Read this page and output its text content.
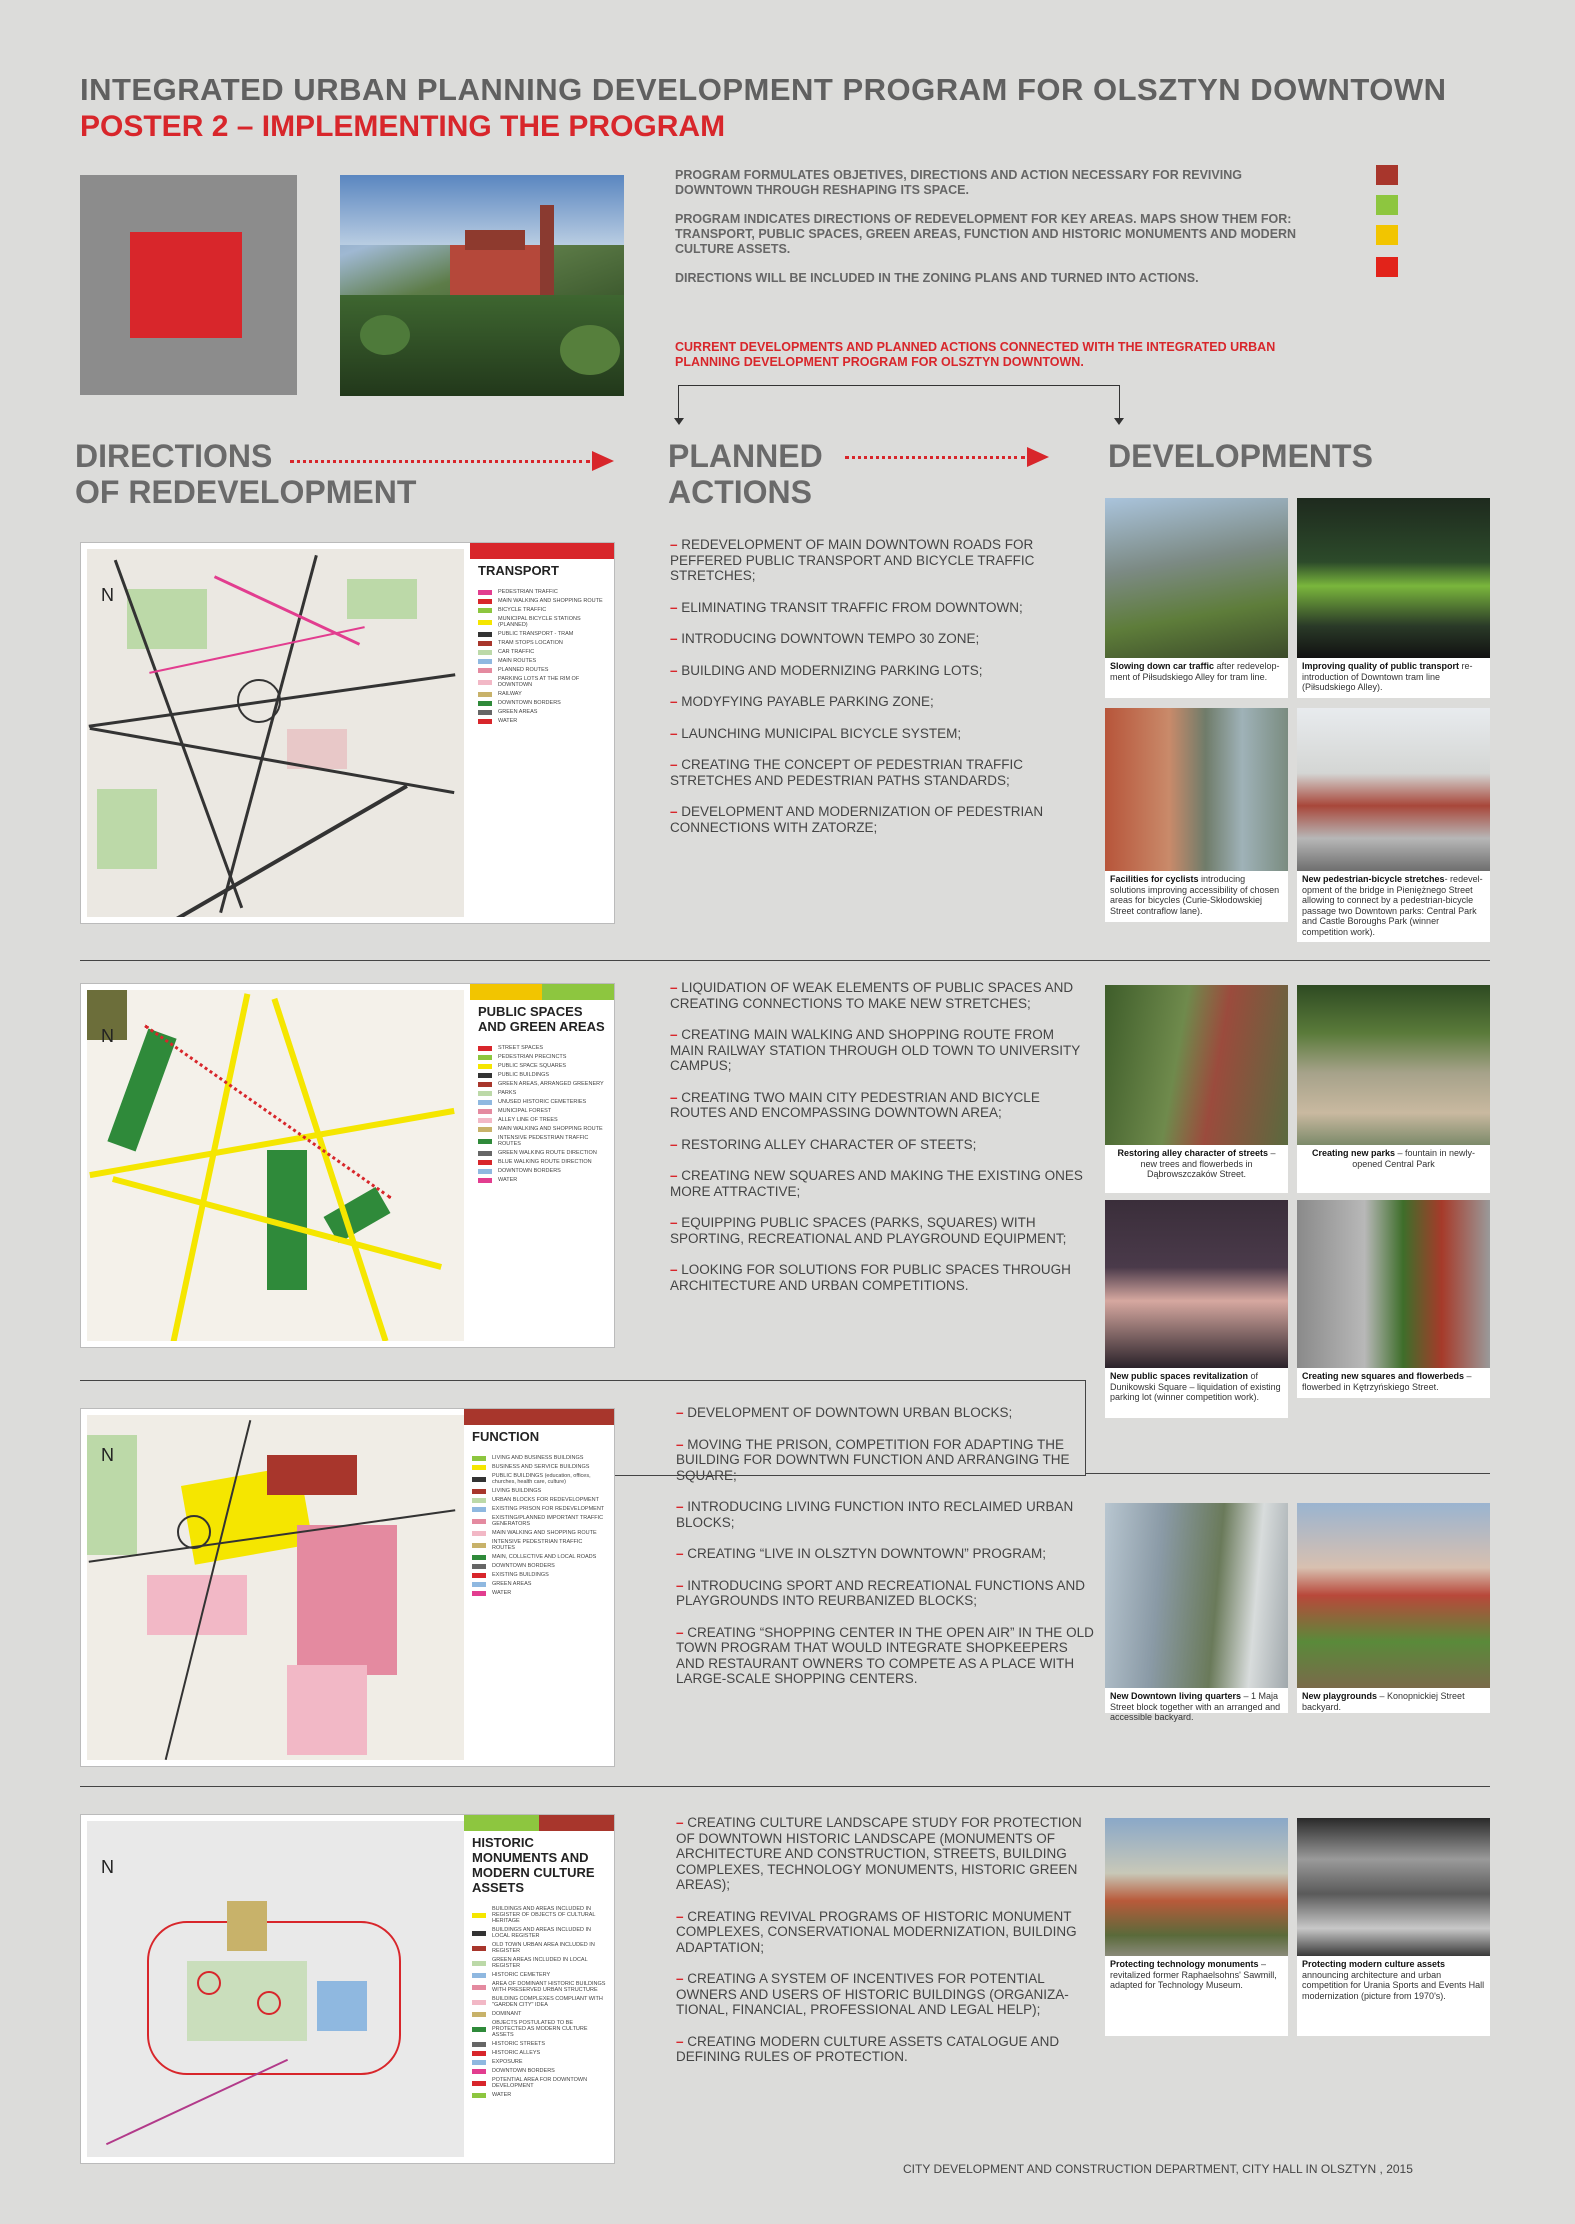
INTEGRATED URBAN PLANNING DEVELOPMENT PROGRAM FOR OLSZTYN DOWNTOWN
POSTER 2 – IMPLEMENTING THE PROGRAM

PROGRAM FORMULATES OBJETIVES, DIRECTIONS AND ACTION NECESSARY FOR REVIVING DOWNTOWN THROUGH RESHAPING ITS SPACE.

PROGRAM INDICATES DIRECTIONS OF REDEVELOPMENT FOR KEY AREAS. MAPS SHOW THEM FOR: TRANSPORT, PUBLIC SPACES, GREEN AREAS, FUNCTION AND HISTORIC MONUMENTS AND MODERN CULTURE ASSETS.

DIRECTIONS WILL BE INCLUDED IN THE ZONING PLANS AND TURNED INTO ACTIONS.

CURRENT DEVELOPMENTS AND PLANNED ACTIONS CONNECTED WITH THE INTEGRATED URBAN PLANNING DEVELOPMENT PROGRAM FOR OLSZTYN DOWNTOWN.
DIRECTIONS
OF REDEVELOPMENT
PLANNED
ACTIONS
DEVELOPMENTS
N
TRANSPORT
PEDESTRIAN TRAFFIC
MAIN WALKING AND SHOPPING ROUTE
BICYCLE TRAFFIC
MUNICIPAL BICYCLE STATIONS (PLANNED)
PUBLIC TRANSPORT - TRAM
TRAM STOPS LOCATION
CAR TRAFFIC
MAIN ROUTES
PLANNED ROUTES
PARKING LOTS AT THE RIM OF DOWNTOWN
RAILWAY
DOWNTOWN BORDERS
GREEN AREAS
WATER
– REDEVELOPMENT OF MAIN DOWNTOWN ROADS FOR PEFFERED PUBLIC TRANSPORT AND BICYCLE TRAFFIC STRETCHES;
– ELIMINATING TRANSIT TRAFFIC FROM DOWNTOWN;
– INTRODUCING DOWNTOWN TEMPO 30 ZONE;
– BUILDING AND MODERNIZING PARKING LOTS;
– MODYFYING PAYABLE PARKING ZONE;
– LAUNCHING MUNICIPAL BICYCLE SYSTEM;
– CREATING THE CONCEPT OF PEDESTRIAN TRAFFIC STRETCHES AND PEDESTRIAN PATHS STANDARDS;
– DEVELOPMENT AND MODERNIZATION OF PEDESTRIAN CONNECTIONS WITH ZATORZE;
Slowing down car traffic after redevelop-ment of Piłsudskiego Alley for tram line.
Improving quality of public transport re-introduction of Downtown tram line (Piłsudskiego Alley).
Facilities for cyclists introducing solutions improving accessibility of chosen areas for bicycles (Curie-Skłodowskiej Street contraflow lane).
New pedestrian-bicycle stretches- redevel-opment of the bridge in Pieniężnego Street allowing to connect by a pedestrian-bicycle passage two Downtown parks: Central Park and Castle Boroughs Park (winner competition work).
N
PUBLIC SPACES AND GREEN AREAS
STREET SPACES
PEDESTRIAN PRECINCTS
PUBLIC SPACE SQUARES
PUBLIC BUILDINGS
GREEN AREAS, ARRANGED GREENERY
PARKS
UNUSED HISTORIC CEMETERIES
MUNICIPAL FOREST
ALLEY LINE OF TREES
MAIN WALKING AND SHOPPING ROUTE
INTENSIVE PEDESTRIAN TRAFFIC ROUTES
GREEN WALKING ROUTE DIRECTION
BLUE WALKING ROUTE DIRECTION
DOWNTOWN BORDERS
WATER
– LIQUIDATION OF WEAK ELEMENTS OF PUBLIC SPACES AND CREATING CONNECTIONS TO MAKE NEW STRETCHES;
– CREATING MAIN WALKING AND SHOPPING ROUTE FROM MAIN RAILWAY STATION THROUGH OLD TOWN TO UNIVERSITY CAMPUS;
– CREATING TWO MAIN CITY PEDESTRIAN AND BICYCLE ROUTES AND ENCOMPASSING DOWNTOWN AREA;
– RESTORING ALLEY CHARACTER OF STEETS;
– CREATING NEW SQUARES AND MAKING THE EXISTING ONES MORE ATTRACTIVE;
– EQUIPPING PUBLIC SPACES (PARKS, SQUARES) WITH SPORTING, RECREATIONAL AND PLAYGROUND EQUIPMENT;
– LOOKING FOR SOLUTIONS FOR PUBLIC SPACES THROUGH ARCHITECTURE AND URBAN COMPETITIONS.
Restoring alley character of streets – new trees and flowerbeds in Dąbrowszczaków Street.
Creating new parks – fountain in newly-opened Central Park
New public spaces revitalization of Dunikowski Square – liquidation of existing parking lot (winner competition work).
Creating new squares and flowerbeds – flowerbed in Kętrzyńskiego Street.
N
FUNCTION
LIVING AND BUSINESS BUILDINGS
BUSINESS AND SERVICE BUILDINGS
PUBLIC BUILDINGS (education, offices, churches, health care, culture)
LIVING BUILDINGS
URBAN BLOCKS FOR REDEVELOPMENT
EXISTING PRISON FOR REDEVELOPMENT
EXISTING/PLANNED IMPORTANT TRAFFIC GENERATORS
MAIN WALKING AND SHOPPING ROUTE
INTENSIVE PEDESTRIAN TRAFFIC ROUTES
MAIN, COLLECTIVE AND LOCAL ROADS
DOWNTOWN BORDERS
EXISTING BUILDINGS
GREEN AREAS
WATER
– DEVELOPMENT OF DOWNTOWN URBAN BLOCKS;
– MOVING THE PRISON, COMPETITION FOR ADAPTING THE BUILDING FOR DOWNTWN FUNCTION AND ARRANGING THE SQUARE;
– INTRODUCING LIVING FUNCTION INTO RECLAIMED URBAN BLOCKS;
– CREATING “LIVE IN OLSZTYN DOWNTOWN” PROGRAM;
– INTRODUCING SPORT AND RECREATIONAL FUNCTIONS AND PLAYGROUNDS INTO REURBANIZED BLOCKS;
– CREATING “SHOPPING CENTER IN THE OPEN AIR” IN THE OLD TOWN PROGRAM THAT WOULD INTEGRATE SHOPKEEPERS AND RESTAURANT OWNERS TO COMPETE AS A PLACE WITH LARGE-SCALE SHOPPING CENTERS.
New Downtown living quarters – 1 Maja Street block together with an arranged and accessible backyard.
New playgrounds – Konopnickiej Street backyard.
N
HISTORIC MONUMENTS AND MODERN CULTURE ASSETS
BUILDINGS AND AREAS INCLUDED IN REGISTER OF OBJECTS OF CULTURAL HERITAGE
BUILDINGS AND AREAS INCLUDED IN LOCAL REGISTER
OLD TOWN URBAN AREA INCLUDED IN REGISTER
GREEN AREAS INCLUDED IN LOCAL REGISTER
HISTORIC CEMETERY
AREA OF DOMINANT HISTORIC BUILDINGS WITH PRESERVED URBAN STRUCTURE
BUILDING COMPLEXES COMPLIANT WITH "GARDEN CITY" IDEA
DOMINANT
OBJECTS POSTULATED TO BE PROTECTED AS MODERN CULTURE ASSETS
HISTORIC STREETS
HISTORIC ALLEYS
EXPOSURE
DOWNTOWN BORDERS
POTENTIAL AREA FOR DOWNTOWN DEVELOPMENT
WATER
– CREATING CULTURE LANDSCAPE STUDY FOR PROTECTION OF DOWNTOWN HISTORIC LANDSCAPE (MONUMENTS OF ARCHITECTURE AND CONSTRUCTION, STREETS, BUILDING COMPLEXES, TECHNOLOGY MONUMENTS, HISTORIC GREEN AREAS);
– CREATING REVIVAL PROGRAMS OF HISTORIC MONUMENT COMPLEXES, CONSERVATIONAL MODERNIZATION, BUILDING ADAPTATION;
– CREATING A SYSTEM OF INCENTIVES FOR POTENTIAL OWNERS AND USERS OF HISTORIC BUILDINGS (ORGANIZA-TIONAL, FINANCIAL, PROFESSIONAL AND LEGAL HELP);
– CREATING MODERN CULTURE ASSETS CATALOGUE AND DEFINING RULES OF PROTECTION.
Protecting technology monuments – revitalized former Raphaelsohns' Sawmill, adapted for Technology Museum.
Protecting modern culture assets announcing architecture and urban competition for Urania Sports and Events Hall modernization (picture from 1970's).
CITY DEVELOPMENT AND CONSTRUCTION DEPARTMENT, CITY HALL IN OLSZTYN , 2015
